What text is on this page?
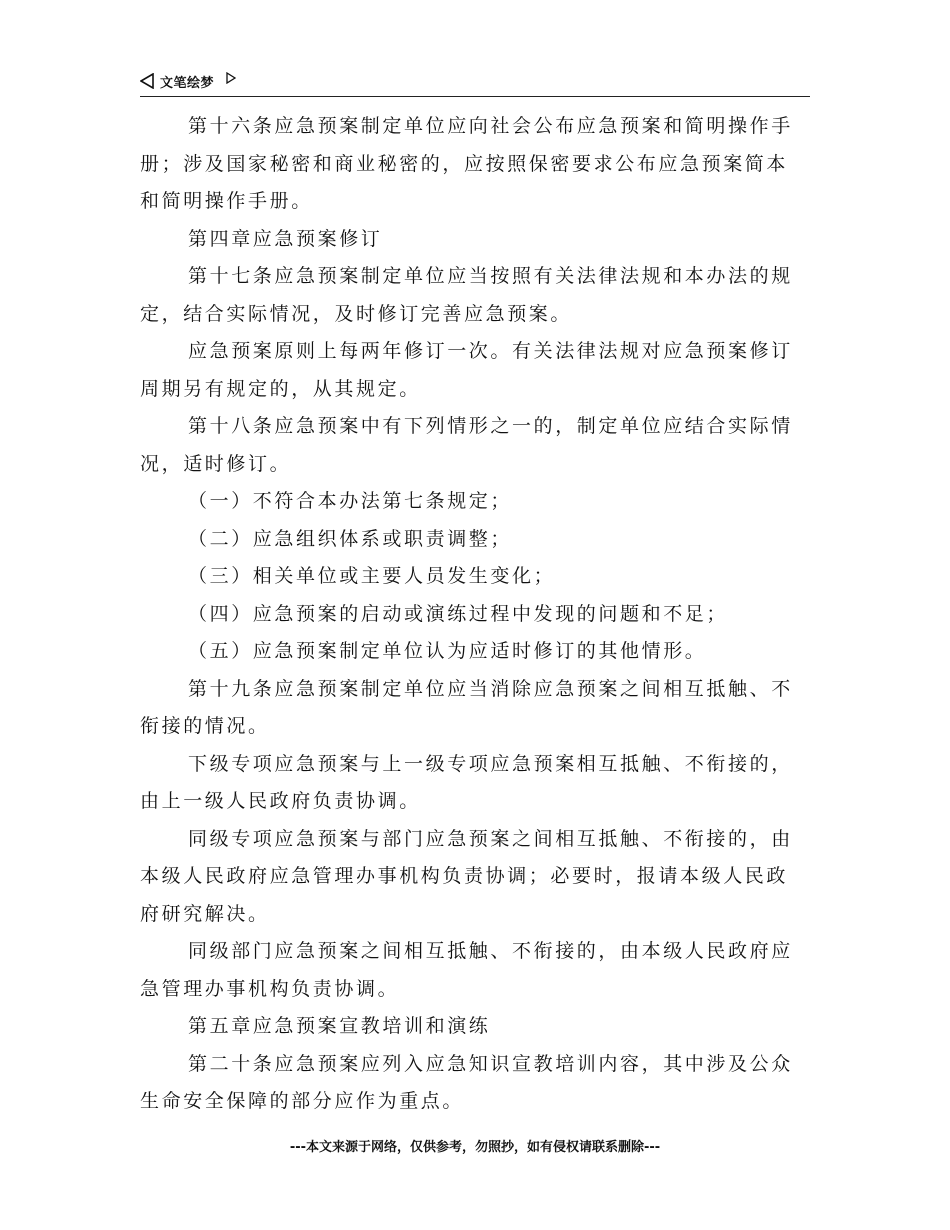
文笔绘梦
第十六条应急预案制定单位应向社会公布应急预案和简明操作手
册；涉及国家秘密和商业秘密的，应按照保密要求公布应急预案简本
和简明操作手册。
第四章应急预案修订
第十七条应急预案制定单位应当按照有关法律法规和本办法的规
定，结合实际情况，及时修订完善应急预案。
应急预案原则上每两年修订一次。有关法律法规对应急预案修订
周期另有规定的，从其规定。
第十八条应急预案中有下列情形之一的，制定单位应结合实际情
况，适时修订。
（一）不符合本办法第七条规定；
（二）应急组织体系或职责调整；
（三）相关单位或主要人员发生变化；
（四）应急预案的启动或演练过程中发现的问题和不足；
（五）应急预案制定单位认为应适时修订的其他情形。
第十九条应急预案制定单位应当消除应急预案之间相互抵触、不
衔接的情况。
下级专项应急预案与上一级专项应急预案相互抵触、不衔接的，
由上一级人民政府负责协调。
同级专项应急预案与部门应急预案之间相互抵触、不衔接的，由
本级人民政府应急管理办事机构负责协调；必要时，报请本级人民政
府研究解决。
同级部门应急预案之间相互抵触、不衔接的，由本级人民政府应
急管理办事机构负责协调。
第五章应急预案宣教培训和演练
第二十条应急预案应列入应急知识宣教培训内容，其中涉及公众
生命安全保障的部分应作为重点。
---本文来源于网络，仅供参考，勿照抄，如有侵权请联系删除---
